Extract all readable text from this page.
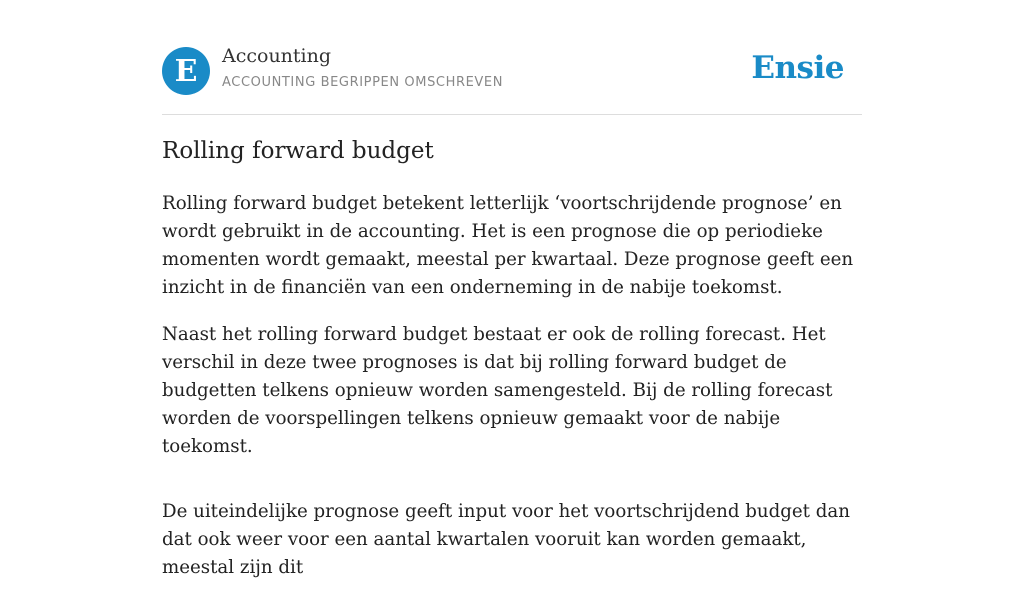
E Accounting
ACCOUNTING BEGRIPPEN OMSCHREVEN	Ensie
Rolling forward budget

Rolling forward budget betekent letterlijk ‘voortschrijdende prognose’ en wordt gebruikt in de accounting. Het is een prognose die op periodieke momenten wordt gemaakt, meestal per kwartaal. Deze prognose geeft een inzicht in de financiën van een onderneming in de nabije toekomst.

Naast het rolling forward budget bestaat er ook de rolling forecast. Het verschil in deze twee prognoses is dat bij rolling forward budget de budgetten telkens opnieuw worden samengesteld. Bij de rolling forecast worden de voorspellingen telkens opnieuw gemaakt voor de nabije toekomst.

De uiteindelijke prognose geeft input voor het voortschrijdend budget dan dat ook weer voor een aantal kwartalen vooruit kan worden gemaakt, meestal zijn dit
